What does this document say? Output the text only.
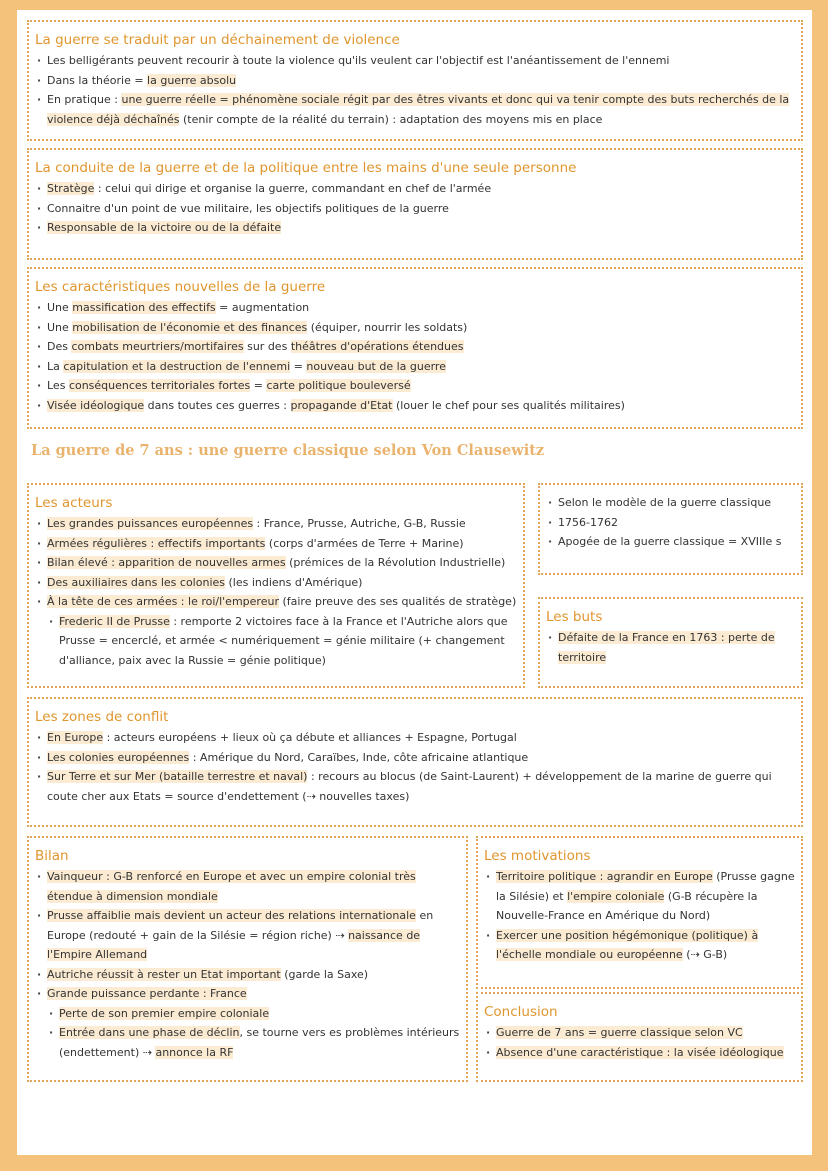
La guerre se traduit par un déchainement de violence
· Les belligérants peuvent recourir à toute la violence qu'ils veulent car l'objectif est l'anéantissement de l'ennemi
· Dans la théorie = la guerre absolu
· En pratique : une guerre réelle = phénomène sociale régit par des êtres vivants et donc qui va tenir compte des buts recherchés de la violence déjà déchaînés (tenir compte de la réalité du terrain) : adaptation des moyens mis en place
La conduite de la guerre et de la politique entre les mains d'une seule personne
· Stratège : celui qui dirige et organise la guerre, commandant en chef de l'armée
· Connaitre d'un point de vue militaire, les objectifs politiques de la guerre
· Responsable de la victoire ou de la défaite
Les caractéristiques nouvelles de la guerre
· Une massification des effectifs = augmentation
· Une mobilisation de l'économie et des finances (équiper, nourrir les soldats)
· Des combats meurtriers/mortifaires sur des théâtres d'opérations étendues
· La capitulation et la destruction de l'ennemi = nouveau but de la guerre
· Les conséquences territoriales fortes = carte politique bouleversé
· Visée idéologique dans toutes ces guerres : propagande d'Etat (louer le chef pour ses qualités militaires)
La guerre de 7 ans : une guerre classique selon Von Clausewitz
Les acteurs
· Les grandes puissances européennes : France, Prusse, Autriche, G-B, Russie
· Armées régulières : effectifs importants (corps d'armées de Terre + Marine)
· Bilan élevé : apparition de nouvelles armes (prémices de la Révolution Industrielle)
· Des auxiliaires dans les colonies (les indiens d'Amérique)
· À la tête de ces armées : le roi/l'empereur (faire preuve des ses qualités de stratège)
· Frederic II de Prusse : remporte 2 victoires face à la France et l'Autriche alors que Prusse = encerclé, et armée < numériquement = génie militaire (+ changement d'alliance, paix avec la Russie = génie politique)
· Selon le modèle de la guerre classique
· 1756-1762
· Apogée de la guerre classique = XVIIIe s
Les buts
· Défaite de la France en 1763 : perte de territoire
Les zones de conflit
· En Europe : acteurs européens + lieux où ça débute et alliances + Espagne, Portugal
· Les colonies européennes : Amérique du Nord, Caraïbes, Inde, côte africaine atlantique
· Sur Terre et sur Mer (bataille terrestre et naval) : recours au blocus (de Saint-Laurent) + développement de la marine de guerre qui coute cher aux Etats = source d'endettement (⇢ nouvelles taxes)
Bilan
· Vainqueur : G-B renforcé en Europe et avec un empire colonial très étendue à dimension mondiale
· Prusse affaiblie mais devient un acteur des relations internationale en Europe (redouté + gain de la Silésie = région riche) ⇢ naissance de l'Empire Allemand
· Autriche réussit à rester un Etat important (garde la Saxe)
· Grande puissance perdante : France
· Perte de son premier empire coloniale
· Entrée dans une phase de déclin, se tourne vers es problèmes intérieurs (endettement) ⇢ annonce la RF
Les motivations
· Territoire politique : agrandir en Europe (Prusse gagne la Silésie) et l'empire coloniale (G-B récupère la Nouvelle-France en Amérique du Nord)
· Exercer une position hégémonique (politique) à l'échelle mondiale ou européenne (⇢ G-B)
Conclusion
· Guerre de 7 ans = guerre classique selon VC
· Absence d'une caractéristique : la visée idéologique
